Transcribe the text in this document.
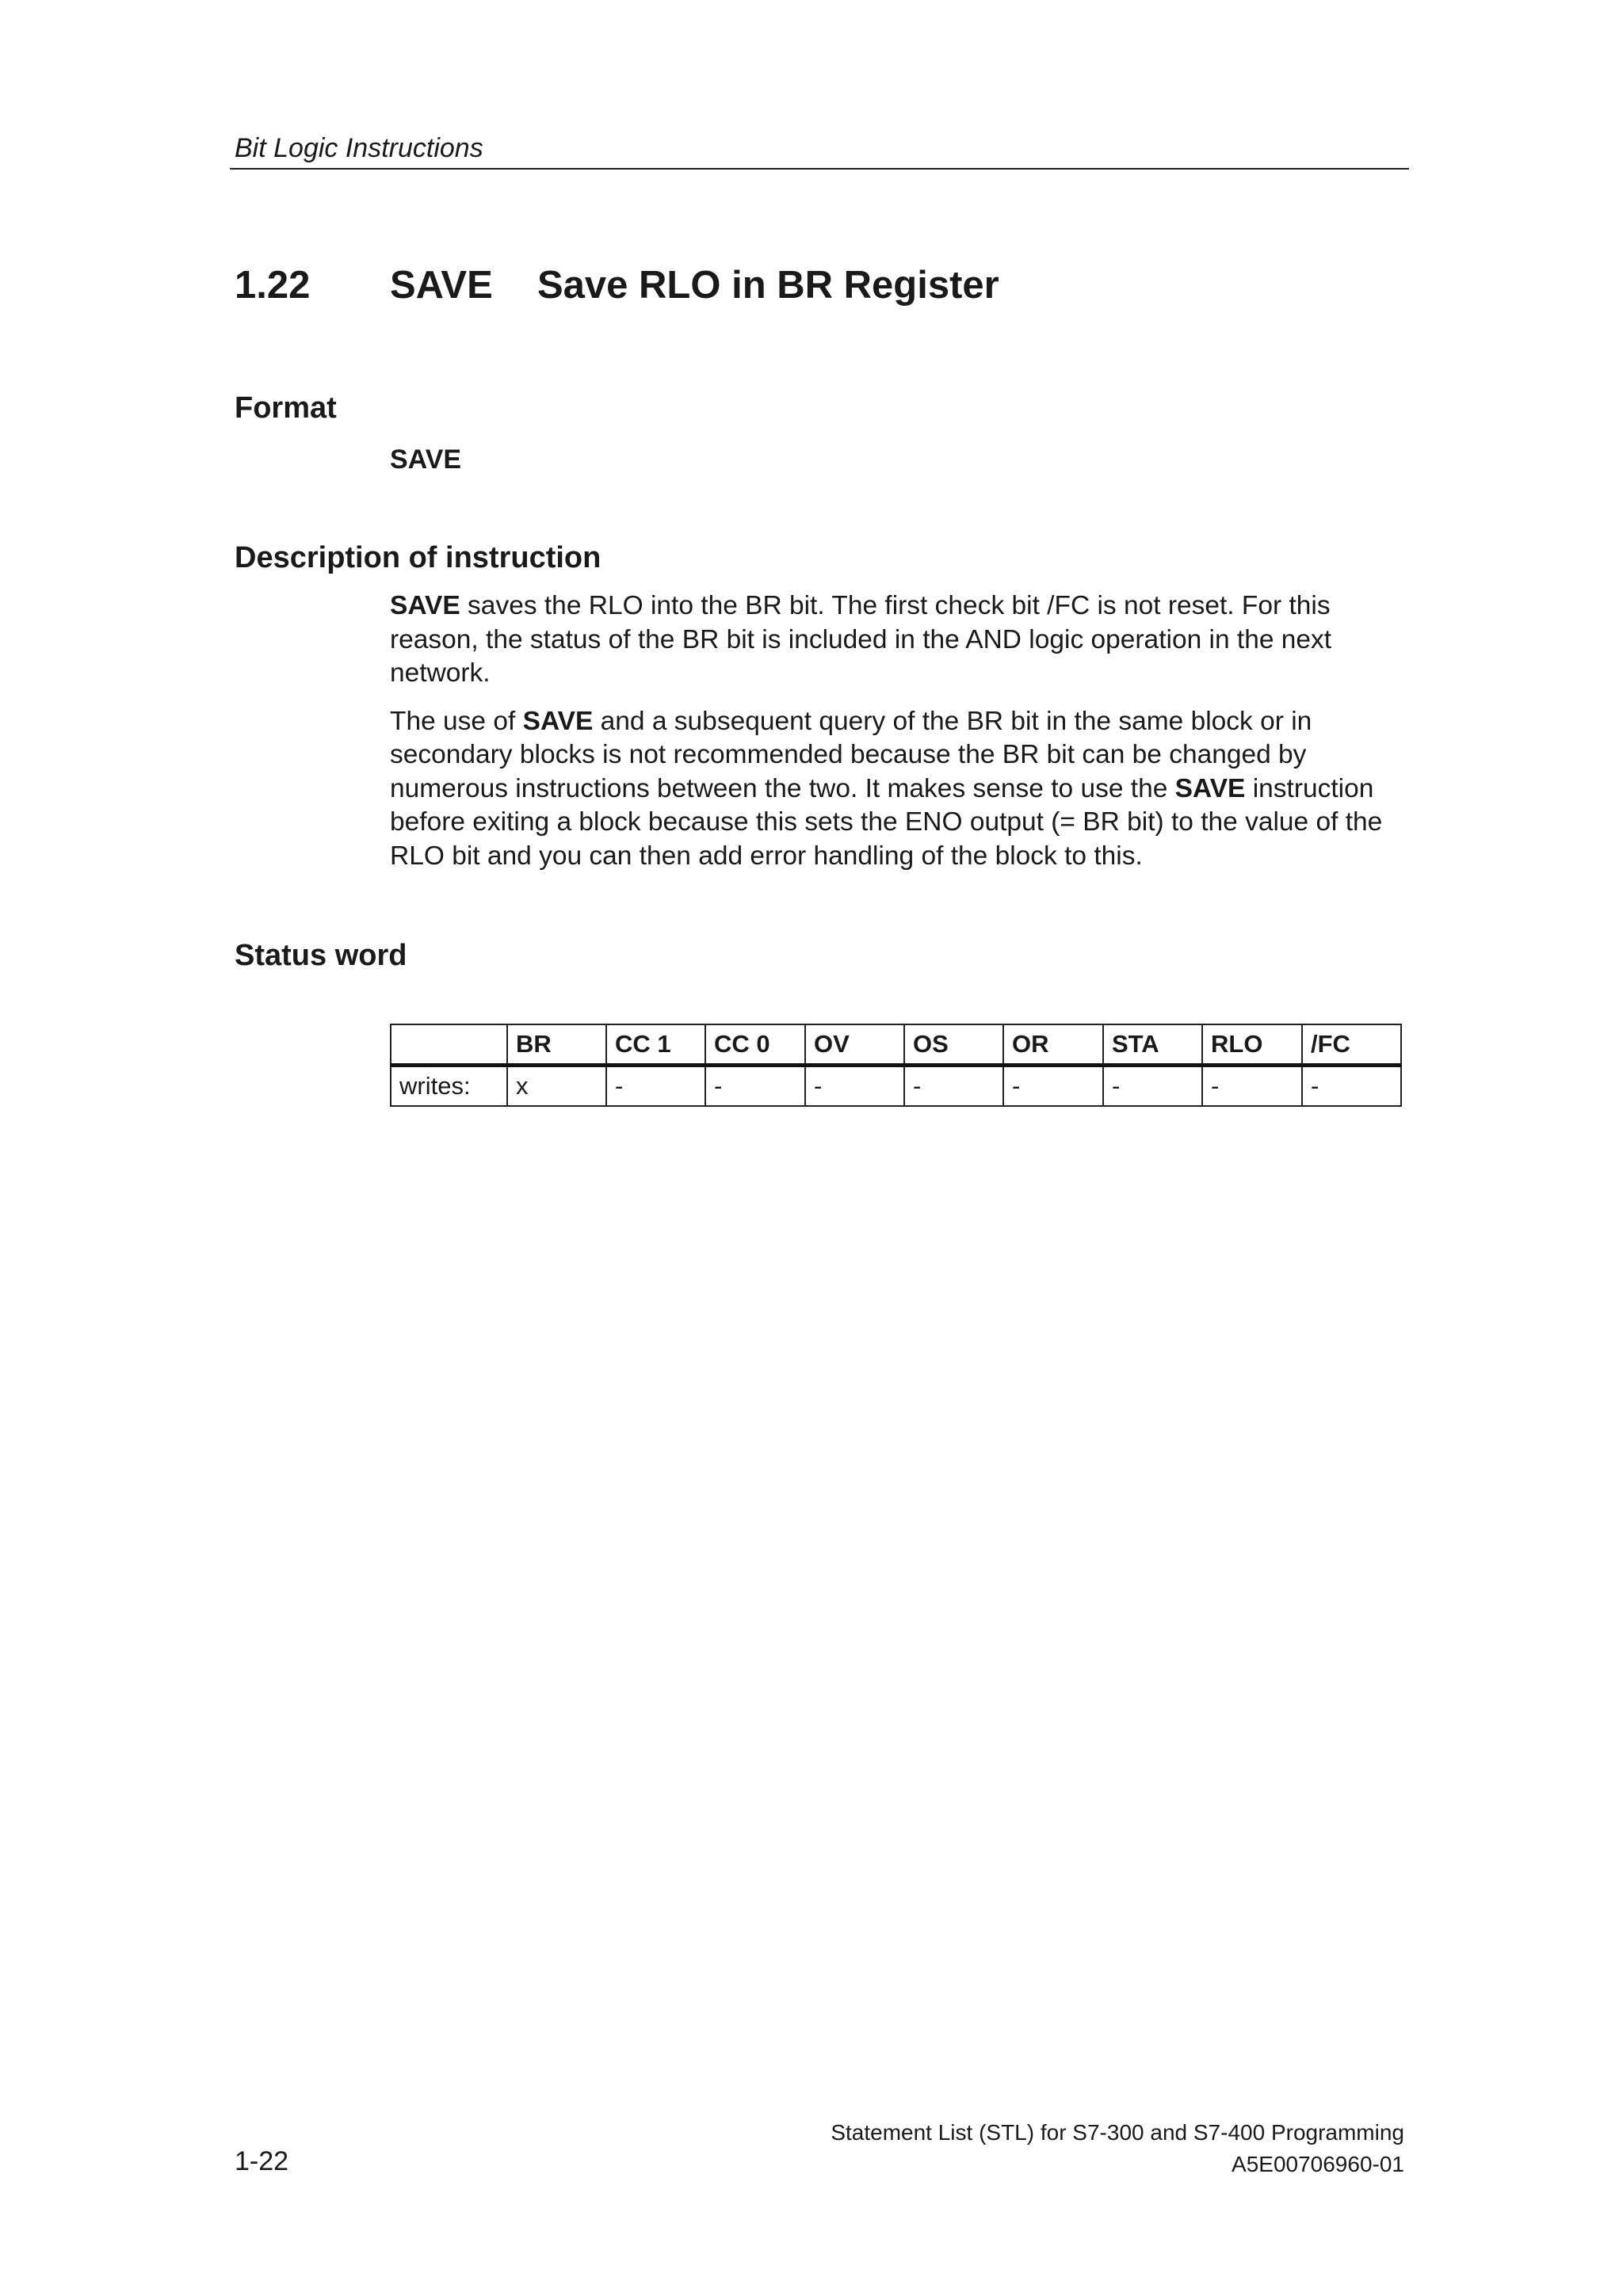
Bit Logic Instructions
1.22 SAVE Save RLO in BR Register
Format
SAVE
Description of instruction

SAVE saves the RLO into the BR bit. The first check bit /FC is not reset. For this reason, the status of the BR bit is included in the AND logic operation in the next network.

The use of SAVE and a subsequent query of the BR bit in the same block or in secondary blocks is not recommended because the BR bit can be changed by numerous instructions between the two. It makes sense to use the SAVE instruction before exiting a block because this sets the ENO output (= BR bit) to the value of the RLO bit and you can then add error handling of the block to this.

Status word
	BR	CC 1	CC 0	OV	OS	OR	STA	RLO	/FC
writes:	x	-	-	-	-	-	-	-	-
Statement List (STL) for S7-300 and S7-400 Programming
A5E00706960-01
1-22
